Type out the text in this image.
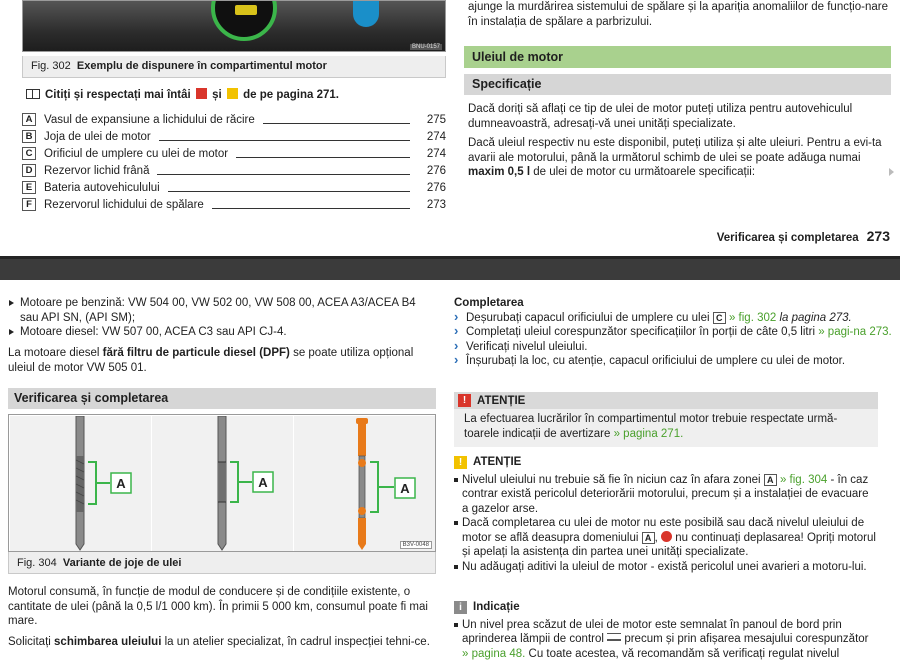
BNU-0157
Fig. 302 Exemplu de dispunere în compartimentul motor
Citiți și respectați mai întâi și de pe pagina 271.
A	Vasul de expansiune a lichidului de răcire	275
B	Joja de ulei de motor	274
C	Orificiul de umplere cu ulei de motor	274
D	Rezervor lichid frână	276
E	Bateria autovehiculului	276
F	Rezervorul lichidului de spălare	273
ajunge la murdărirea sistemului de spălare și la apariția anomaliilor de funcțio-nare în instalația de spălare a parbrizului.
Uleiul de motor
Specificație

Dacă doriți să aflați ce tip de ulei de motor puteți utiliza pentru autovehiculul dumneavoastră, adresați-vă unei unități specializate.

Dacă uleiul respectiv nu este disponibil, puteți utiliza și alte uleiuri. Pentru a evi-ta avarii ale motorului, până la următorul schimb de ulei se poate adăuga numai maxim 0,5 l de ulei de motor cu următoarele specificații:

Verificarea și completarea 273
Motoare pe benzină: VW 504 00, VW 502 00, VW 508 00, ACEA A3/ACEA B4 sau API SN, (API SM);
Motoare diesel: VW 507 00, ACEA C3 sau API CJ-4.
La motoare diesel fără filtru de particule diesel (DPF) se poate utiliza opțional uleiul de motor VW 505 01.
Verificarea și completarea
A	A	A
B3V-0048
Fig. 304 Variante de joje de ulei

Motorul consumă, în funcție de modul de conducere și de condițiile existente, o cantitate de ulei (până la 0,5 l/1 000 km). În primii 5 000 km, consumul poate fi mai mare.

Solicitați schimbarea uleiului la un atelier specializat, în cadrul inspecției tehni-ce.

Completarea
› Deșurubați capacul orificiului de umplere cu ulei C » fig. 302 la pagina 273.
› Completați uleiul corespunzător specificațiilor în porții de câte 0,5 litri » pagi-na 273.
› Verificați nivelul uleiului.
› Înșurubați la loc, cu atenție, capacul orificiului de umplere cu ulei de motor.
! ATENȚIE
La efectuarea lucrărilor în compartimentul motor trebuie respectate urmă-toarele indicații de avertizare » pagina 271.
! ATENȚIE
Nivelul uleiului nu trebuie să fie în niciun caz în afara zonei A » fig. 304 - în caz contrar există pericolul deteriorării motorului, precum și a instalației de evacuare a gazelor arse.
Dacă completarea cu ulei de motor nu este posibilă sau dacă nivelul uleiului de motor se află deasupra domeniului A ,  nu continuați deplasarea! Opriți motorul și apelați la asistența din partea unei unități specializate.
Nu adăugați aditivi la uleiul de motor - există pericolul unei avarieri a motoru-lui.
i Indicație
Un nivel prea scăzut de ulei de motor este semnalat în panoul de bord prin aprinderea lămpii de control precum și prin afișarea mesajului corespunzător » pagina 48. Cu toate acestea, vă recomandăm să verificați regulat nivelul
